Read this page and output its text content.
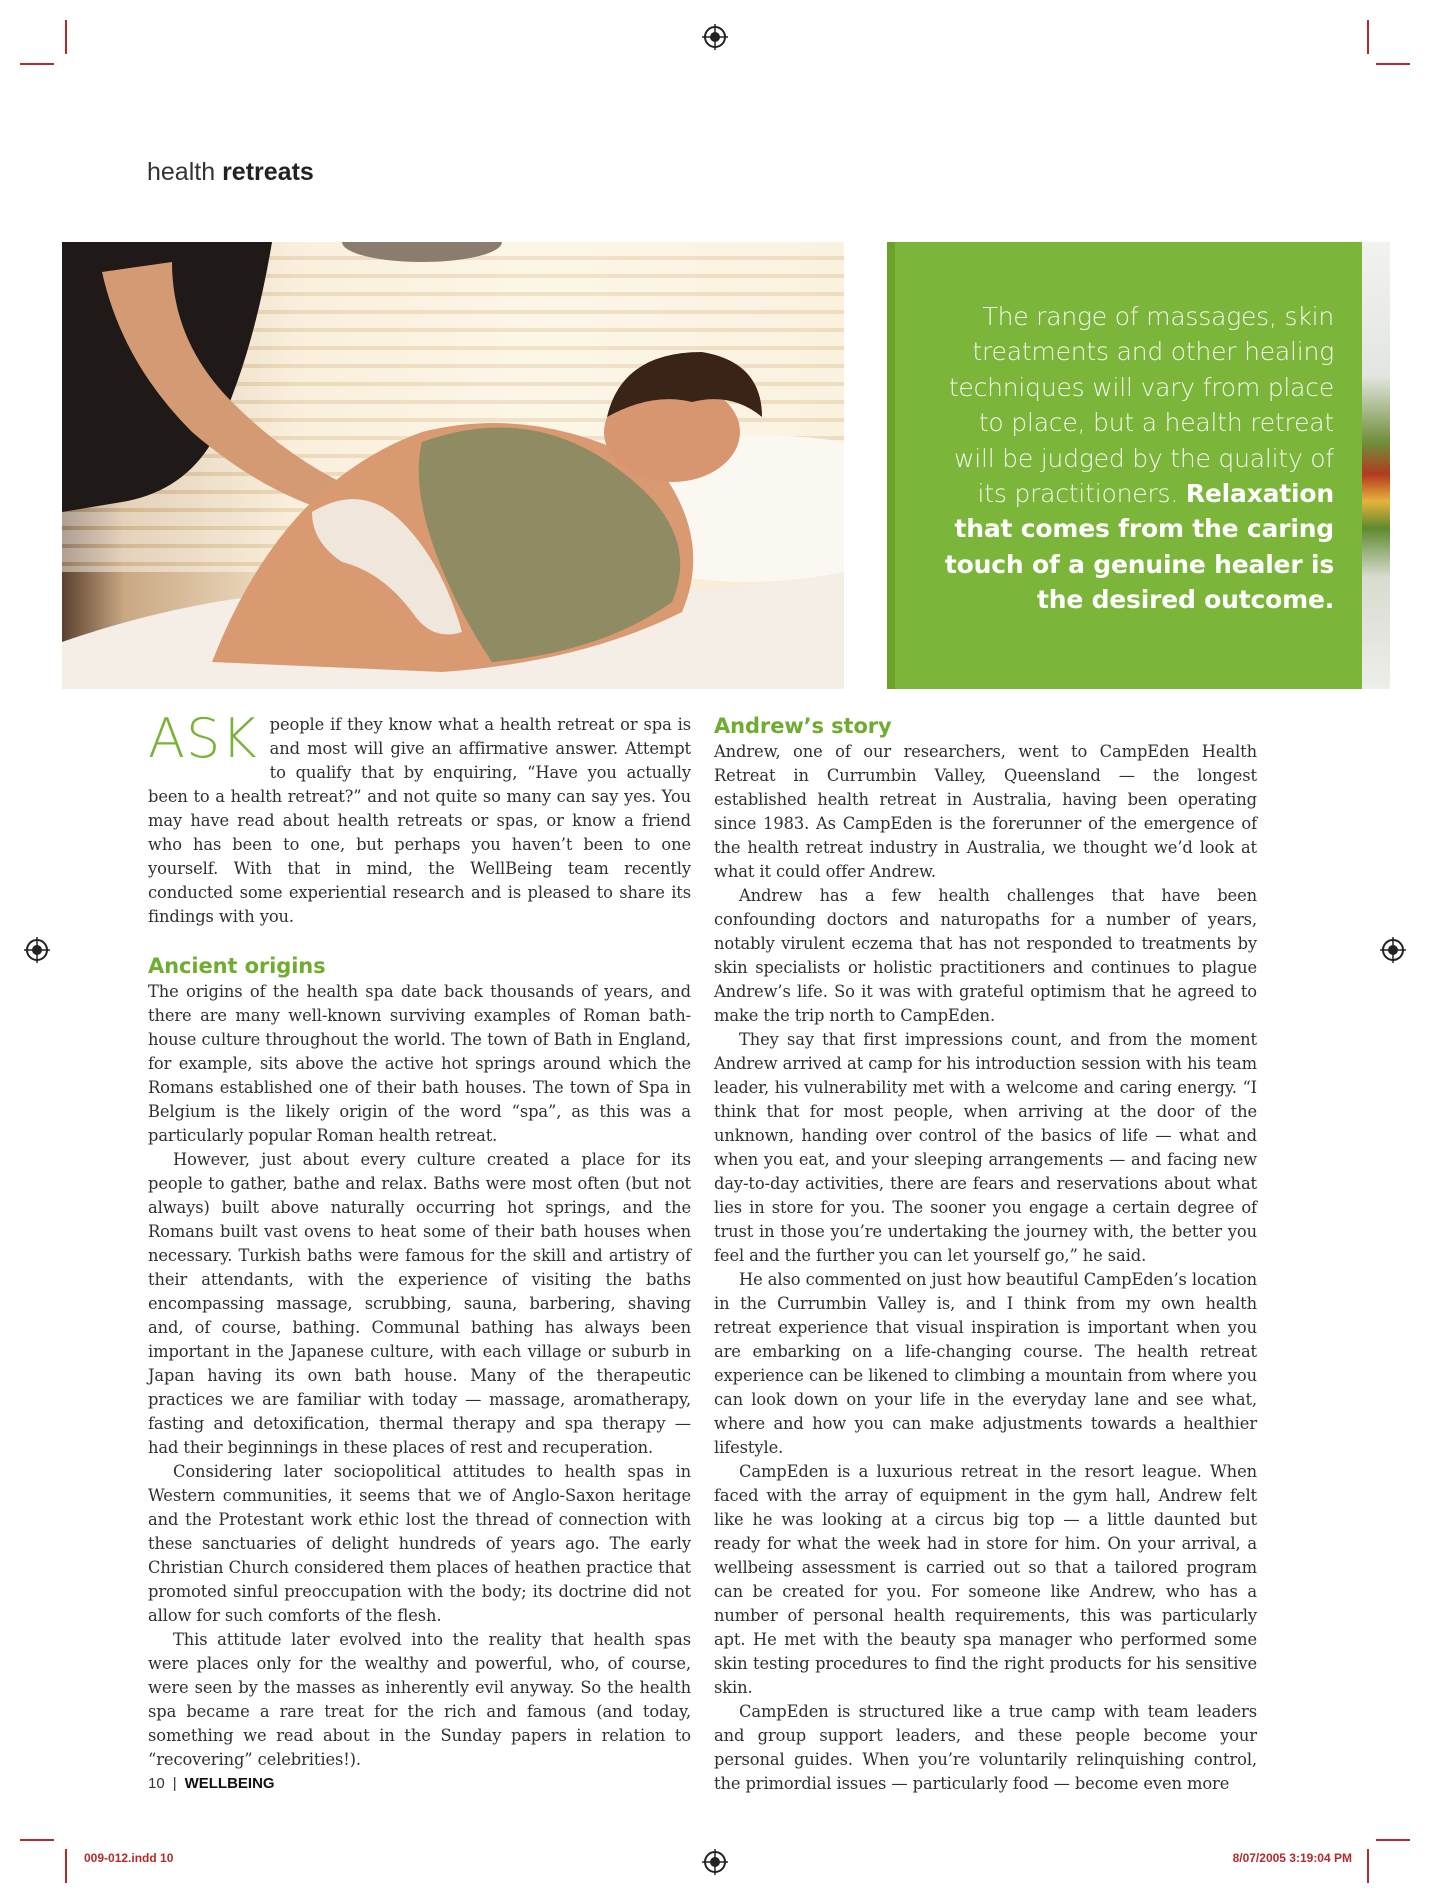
health retreats
The range of massages, skin treatments and other healing techniques will vary from place to place, but a health retreat will be judged by the quality of its practitioners. Relaxation that comes from the caring touch of a genuine healer is the desired outcome.

ASK people if they know what a health retreat or spa is and most will give an affirmative answer. Attempt to qualify that by enquiring, “Have you actually been to a health retreat?” and not quite so many can say yes. You may have read about health retreats or spas, or know a friend who has been to one, but perhaps you haven’t been to one yourself. With that in mind, the WellBeing team recently conducted some experiential research and is pleased to share its findings with you.

Ancient origins

The origins of the health spa date back thousands of years, and there are many well-known surviving examples of Roman bath-house culture throughout the world. The town of Bath in England, for example, sits above the active hot springs around which the Romans established one of their bath houses. The town of Spa in Belgium is the likely origin of the word “spa”, as this was a particularly popular Roman health retreat.

However, just about every culture created a place for its people to gather, bathe and relax. Baths were most often (but not always) built above naturally occurring hot springs, and the Romans built vast ovens to heat some of their bath houses when necessary. Turkish baths were famous for the skill and artistry of their attendants, with the experience of visiting the baths encompassing massage, scrubbing, sauna, barbering, shaving and, of course, bathing. Communal bathing has always been important in the Japanese culture, with each village or suburb in Japan having its own bath house. Many of the therapeutic practices we are familiar with today — massage, aromatherapy, fasting and detoxification, thermal therapy and spa therapy — had their beginnings in these places of rest and recuperation.

Considering later sociopolitical attitudes to health spas in Western communities, it seems that we of Anglo-Saxon heritage and the Protestant work ethic lost the thread of connection with these sanctuaries of delight hundreds of years ago. The early Christian Church considered them places of heathen practice that promoted sinful preoccupation with the body; its doctrine did not allow for such comforts of the flesh.

This attitude later evolved into the reality that health spas were places only for the wealthy and powerful, who, of course, were seen by the masses as inherently evil anyway. So the health spa became a rare treat for the rich and famous (and today, something we read about in the Sunday papers in relation to “recovering” celebrities!).

Andrew’s story

Andrew, one of our researchers, went to CampEden Health Retreat in Currumbin Valley, Queensland — the longest established health retreat in Australia, having been operating since 1983. As CampEden is the forerunner of the emergence of the health retreat industry in Australia, we thought we’d look at what it could offer Andrew.

Andrew has a few health challenges that have been confounding doctors and naturopaths for a number of years, notably virulent eczema that has not responded to treatments by skin specialists or holistic practitioners and continues to plague Andrew’s life. So it was with grateful optimism that he agreed to make the trip north to CampEden.

They say that first impressions count, and from the moment Andrew arrived at camp for his introduction session with his team leader, his vulnerability met with a welcome and caring energy. “I think that for most people, when arriving at the door of the unknown, handing over control of the basics of life — what and when you eat, and your sleeping arrangements — and facing new day-to-day activities, there are fears and reservations about what lies in store for you. The sooner you engage a certain degree of trust in those you’re undertaking the journey with, the better you feel and the further you can let yourself go,” he said.

He also commented on just how beautiful CampEden’s location in the Currumbin Valley is, and I think from my own health retreat experience that visual inspiration is important when you are embarking on a life-changing course. The health retreat experience can be likened to climbing a mountain from where you can look down on your life in the everyday lane and see what, where and how you can make adjustments towards a healthier lifestyle.

CampEden is a luxurious retreat in the resort league. When faced with the array of equipment in the gym hall, Andrew felt like he was looking at a circus big top — a little daunted but ready for what the week had in store for him. On your arrival, a wellbeing assessment is carried out so that a tailored program can be created for you. For someone like Andrew, who has a number of personal health requirements, this was particularly apt. He met with the beauty spa manager who performed some skin testing procedures to find the right products for his sensitive skin.

CampEden is structured like a true camp with team leaders and group support leaders, and these people become your personal guides. When you’re voluntarily relinquishing control, the primordial issues — particularly food — become even more

10 | WELLBEING
009-012.indd 10	8/07/2005 3:19:04 PM
